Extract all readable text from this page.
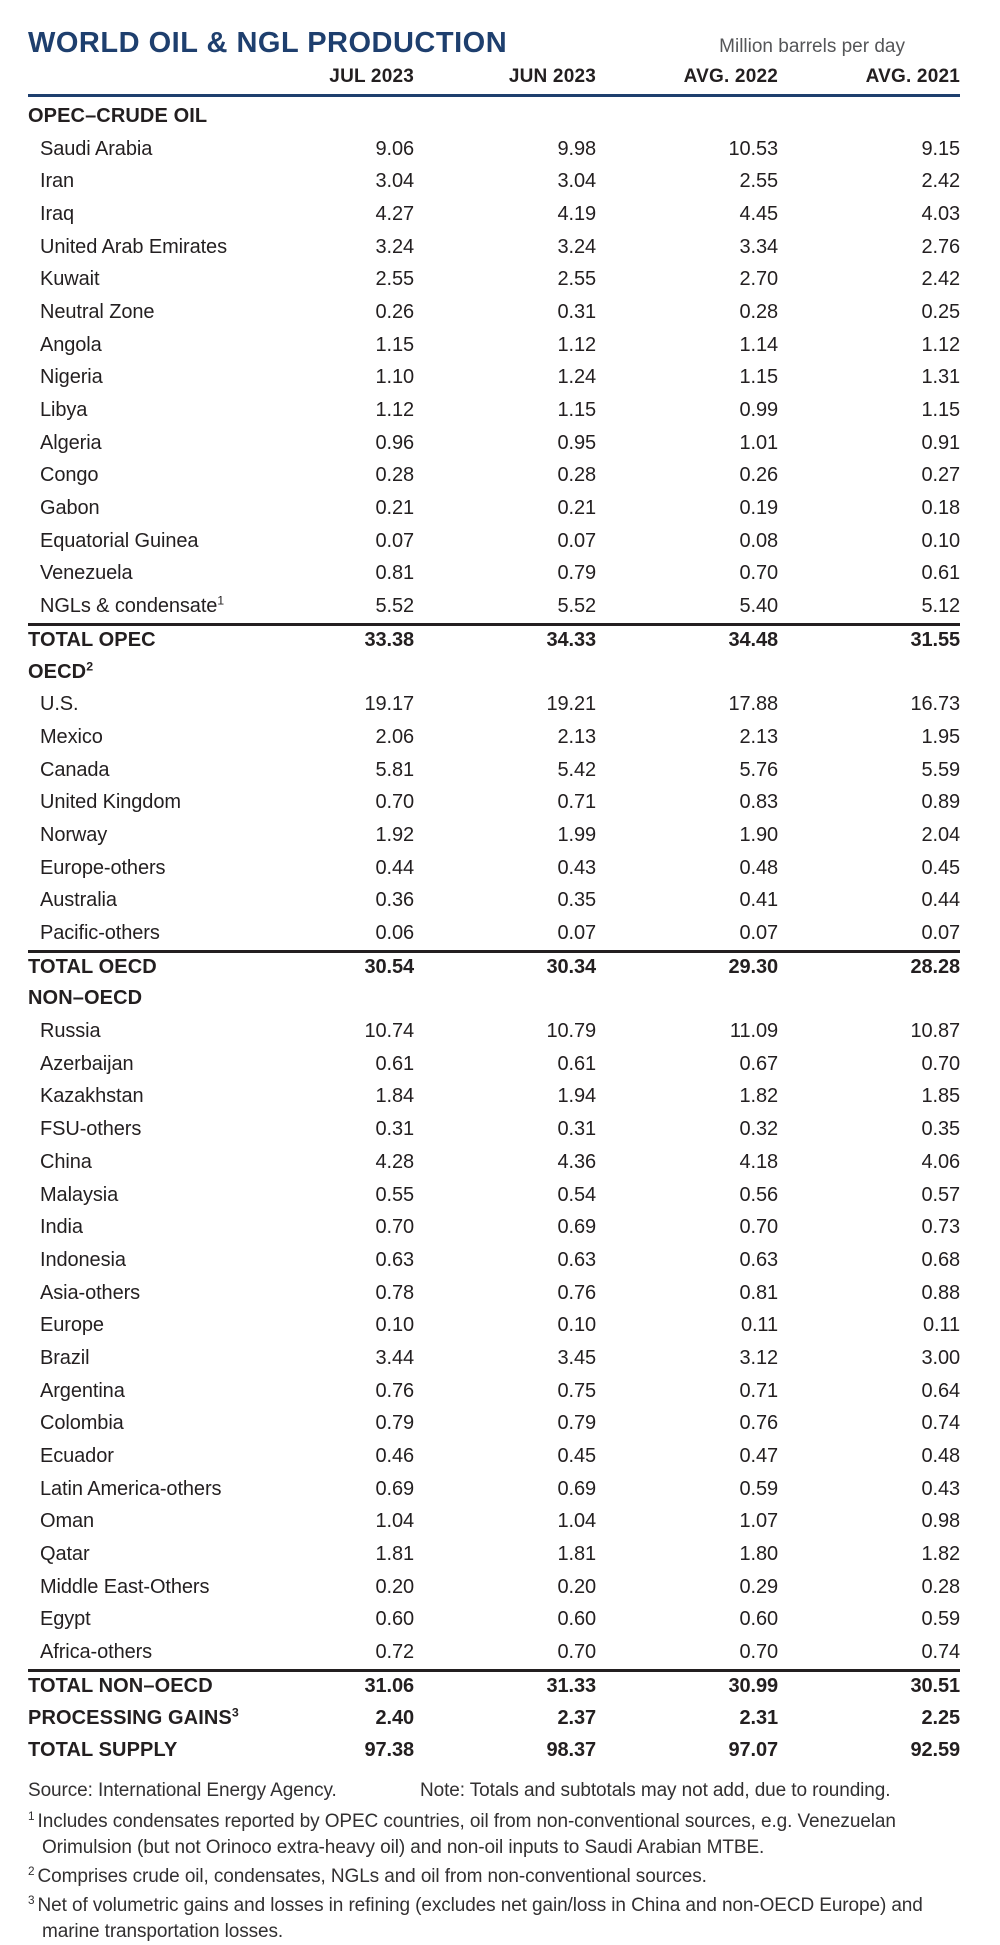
WORLD OIL & NGL PRODUCTION	Million barrels per day
JUL 2023	JUN 2023	AVG. 2022	AVG. 2021
OPEC–CRUDE OIL
Saudi Arabia	9.06	9.98	10.53	9.15
Iran	3.04	3.04	2.55	2.42
Iraq	4.27	4.19	4.45	4.03
United Arab Emirates	3.24	3.24	3.34	2.76
Kuwait	2.55	2.55	2.70	2.42
Neutral Zone	0.26	0.31	0.28	0.25
Angola	1.15	1.12	1.14	1.12
Nigeria	1.10	1.24	1.15	1.31
Libya	1.12	1.15	0.99	1.15
Algeria	0.96	0.95	1.01	0.91
Congo	0.28	0.28	0.26	0.27
Gabon	0.21	0.21	0.19	0.18
Equatorial Guinea	0.07	0.07	0.08	0.10
Venezuela	0.81	0.79	0.70	0.61
NGLs & condensate$^1$	5.52	5.52	5.40	5.12
TOTAL OPEC	33.38	34.33	34.48	31.55
OECD$^2$
U.S.	19.17	19.21	17.88	16.73
Mexico	2.06	2.13	2.13	1.95
Canada	5.81	5.42	5.76	5.59
United Kingdom	0.70	0.71	0.83	0.89
Norway	1.92	1.99	1.90	2.04
Europe-others	0.44	0.43	0.48	0.45
Australia	0.36	0.35	0.41	0.44
Pacific-others	0.06	0.07	0.07	0.07
TOTAL OECD	30.54	30.34	29.30	28.28
NON–OECD
Russia	10.74	10.79	11.09	10.87
Azerbaijan	0.61	0.61	0.67	0.70
Kazakhstan	1.84	1.94	1.82	1.85
FSU-others	0.31	0.31	0.32	0.35
China	4.28	4.36	4.18	4.06
Malaysia	0.55	0.54	0.56	0.57
India	0.70	0.69	0.70	0.73
Indonesia	0.63	0.63	0.63	0.68
Asia-others	0.78	0.76	0.81	0.88
Europe	0.10	0.10	0.11	0.11
Brazil	3.44	3.45	3.12	3.00
Argentina	0.76	0.75	0.71	0.64
Colombia	0.79	0.79	0.76	0.74
Ecuador	0.46	0.45	0.47	0.48
Latin America-others	0.69	0.69	0.59	0.43
Oman	1.04	1.04	1.07	0.98
Qatar	1.81	1.81	1.80	1.82
Middle East-Others	0.20	0.20	0.29	0.28
Egypt	0.60	0.60	0.60	0.59
Africa-others	0.72	0.70	0.70	0.74
TOTAL NON–OECD	31.06	31.33	30.99	30.51
PROCESSING GAINS$^3$	2.40	2.37	2.31	2.25
TOTAL SUPPLY	97.38	98.37	97.07	92.59
Source: International Energy Agency.	Note: Totals and subtotals may not add, due to rounding.
$^1$ Includes condensates reported by OPEC countries, oil from non-conventional sources, e.g. Venezuelan Orimulsion (but not Orinoco extra-heavy oil) and non-oil inputs to Saudi Arabian MTBE.
$^2$ Comprises crude oil, condensates, NGLs and oil from non-conventional sources.
$^3$ Net of volumetric gains and losses in refining (excludes net gain/loss in China and non-OECD Europe) and marine transportation losses.
